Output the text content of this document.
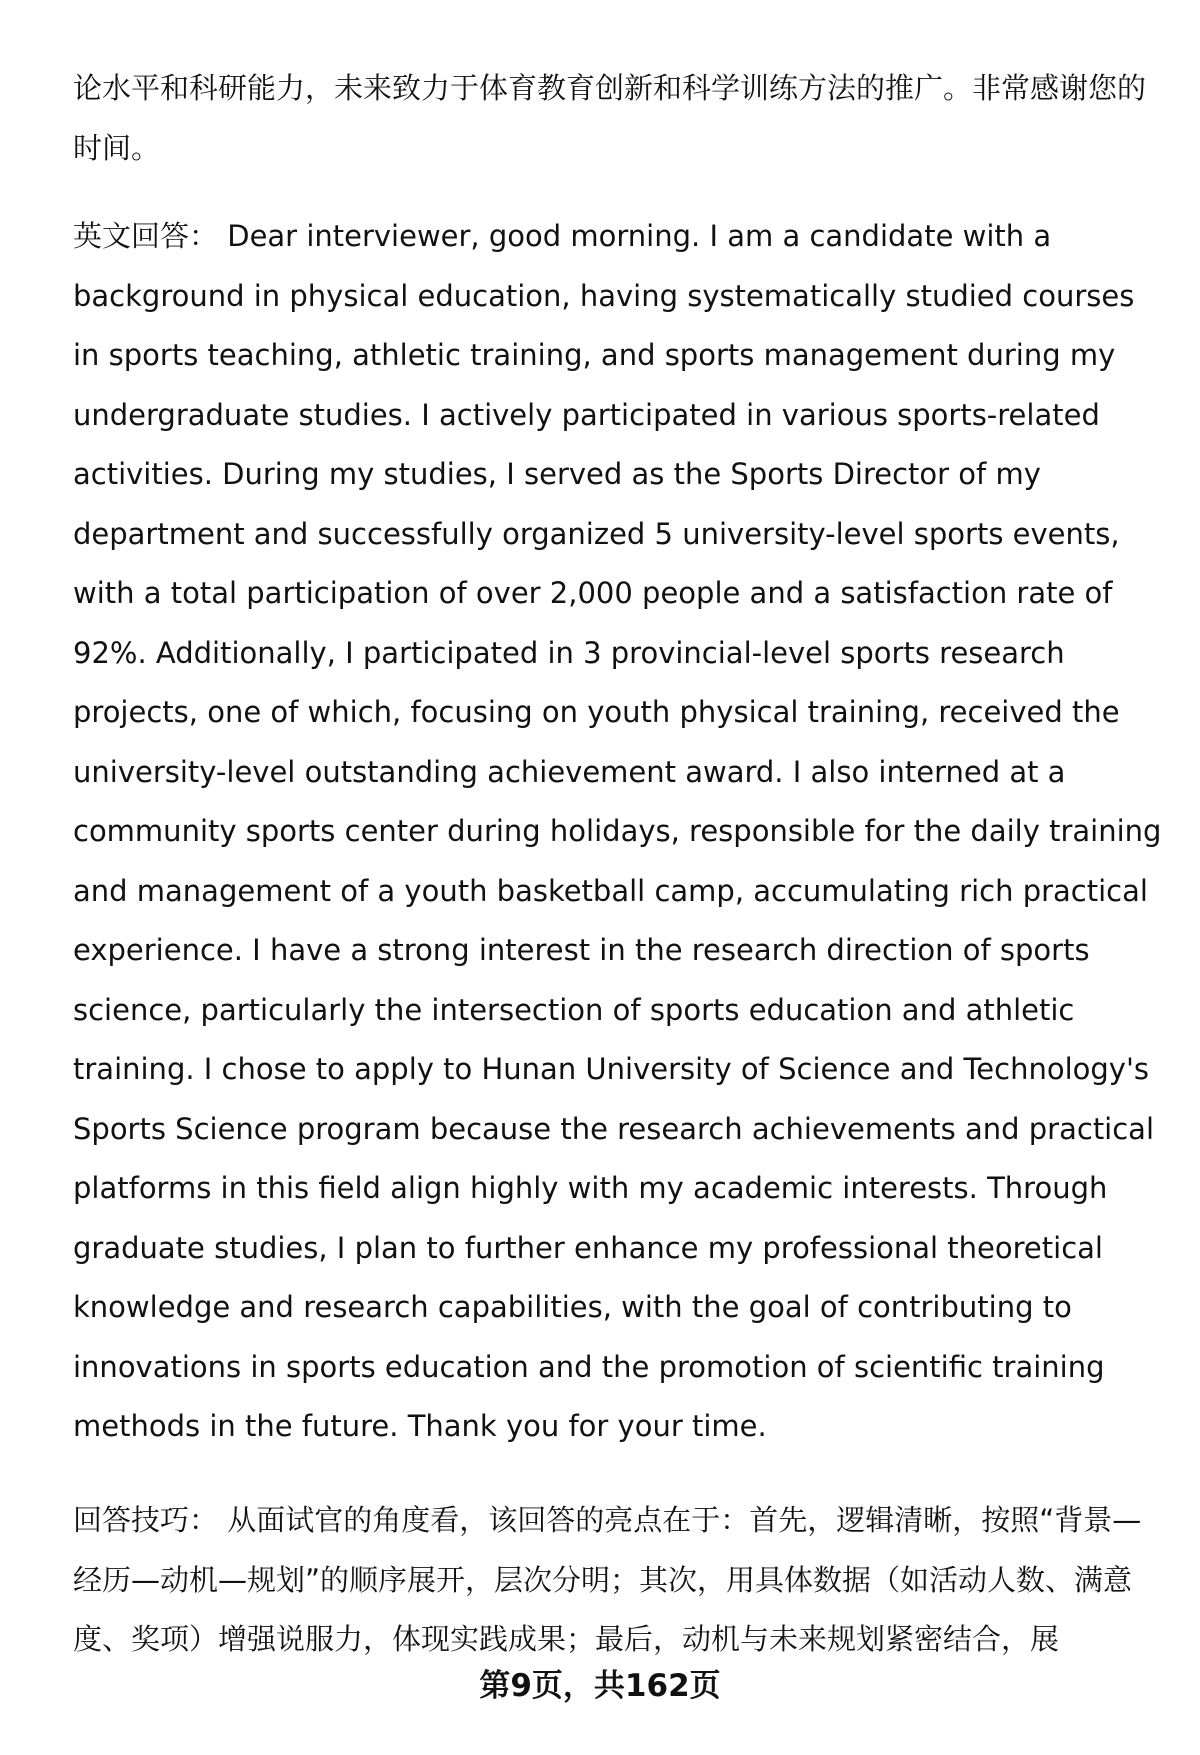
论水平和科研能力，未来致力于体育教育创新和科学训练方法的推广。非常感谢您的时间。

英文回答： Dear interviewer, good morning. I am a candidate with a background in physical education, having systematically studied courses in sports teaching, athletic training, and sports management during my undergraduate studies. I actively participated in various sports-related activities. During my studies, I served as the Sports Director of my department and successfully organized 5 university-level sports events, with a total participation of over 2,000 people and a satisfaction rate of 92%. Additionally, I participated in 3 provincial-level sports research projects, one of which, focusing on youth physical training, received the university-level outstanding achievement award. I also interned at a community sports center during holidays, responsible for the daily training and management of a youth basketball camp, accumulating rich practical experience. I have a strong interest in the research direction of sports science, particularly the intersection of sports education and athletic training. I chose to apply to Hunan University of Science and Technology's Sports Science program because the research achievements and practical platforms in this field align highly with my academic interests. Through graduate studies, I plan to further enhance my professional theoretical knowledge and research capabilities, with the goal of contributing to innovations in sports education and the promotion of scientific training methods in the future. Thank you for your time.

回答技巧： 从面试官的角度看，该回答的亮点在于：首先，逻辑清晰，按照“背景—经历—动机—规划”的顺序展开，层次分明；其次，用具体数据（如活动人数、满意度、奖项）增强说服力，体现实践成果；最后，动机与未来规划紧密结合，展

第9页，共162页
